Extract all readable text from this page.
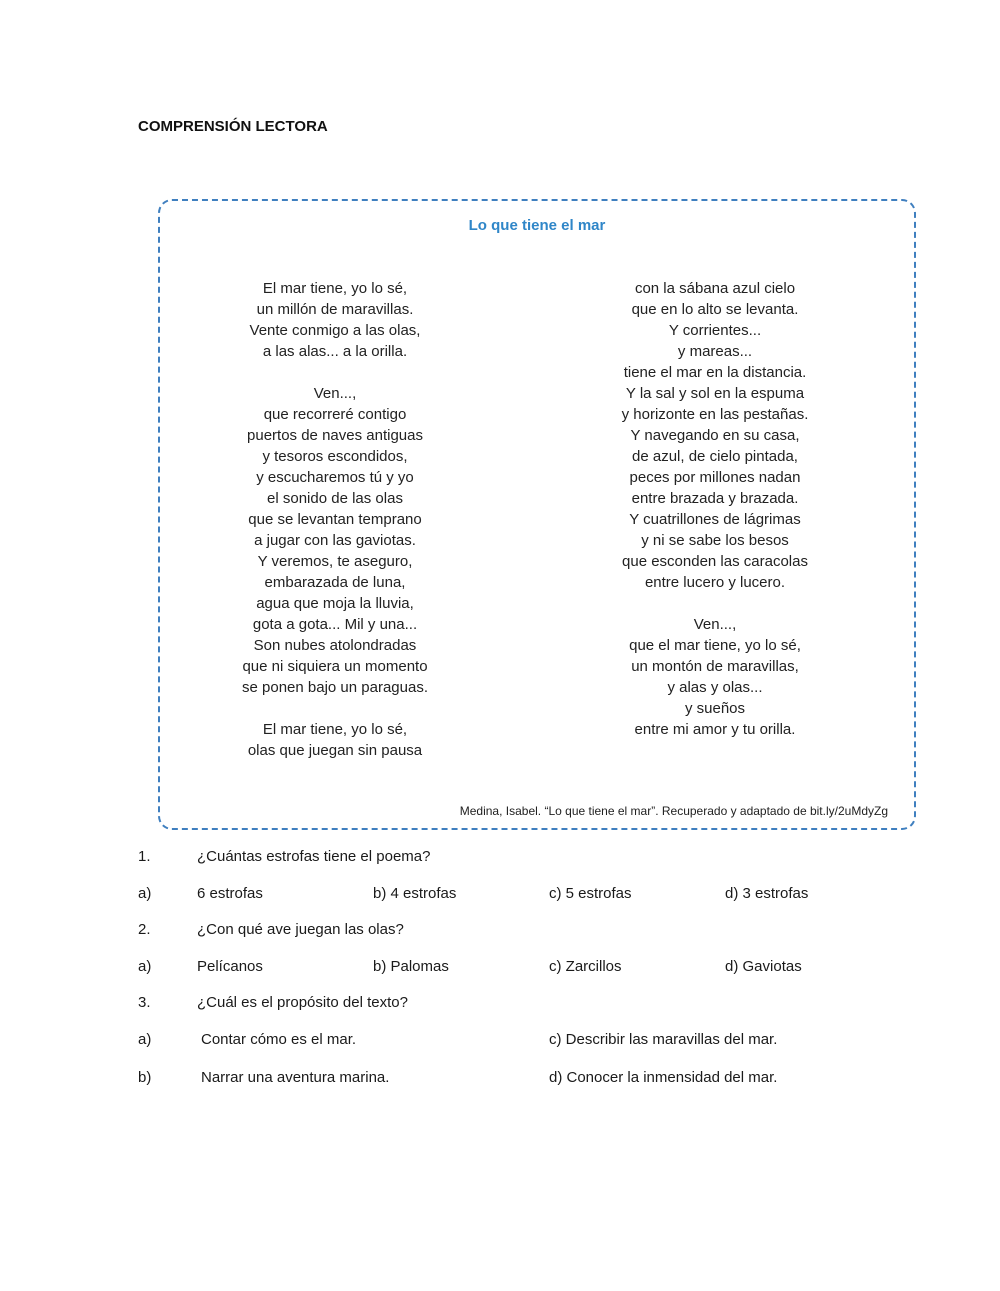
COMPRENSIÓN LECTORA
Lo que tiene el mar
El mar tiene, yo lo sé,
un millón de maravillas.
Vente conmigo a las olas,
a las alas... a la orilla.
Ven...,
que recorreré contigo
puertos de naves antiguas
y tesoros escondidos,
y escucharemos tú y yo
el sonido de las olas
que se levantan temprano
a jugar con las gaviotas.
Y veremos, te aseguro,
embarazada de luna,
agua que moja la lluvia,
gota a gota... Mil y una...
Son nubes atolondradas
que ni siquiera un momento
se ponen bajo un paraguas.
El mar tiene, yo lo sé,
olas que juegan sin pausa
con la sábana azul cielo
que en lo alto se levanta.
Y corrientes...
y mareas...
tiene el mar en la distancia.
Y la sal y sol en la espuma
y horizonte en las pestañas.
Y navegando en su casa,
de azul, de cielo pintada,
peces por millones nadan
entre brazada y brazada.
Y cuatrillones de lágrimas
y ni se sabe los besos
que esconden las caracolas
entre lucero y lucero.
Ven...,
que el mar tiene, yo lo sé,
un montón de maravillas,
y alas y olas...
y sueños
entre mi amor y tu orilla.
Medina, Isabel. “Lo que tiene el mar”. Recuperado y adaptado de bit.ly/2uMdyZg
1.	¿Cuántas estrofas tiene el poema?
a)	6 estrofas	b) 4 estrofas	c) 5 estrofas	d) 3 estrofas
2.	¿Con qué ave juegan las olas?
a)	Pelícanos	b) Palomas	c) Zarcillos	d) Gaviotas
3.	¿Cuál es el propósito del texto?
a)	Contar cómo es el mar.	c) Describir las maravillas del mar.
b)	Narrar una aventura marina.	d) Conocer la inmensidad del mar.
